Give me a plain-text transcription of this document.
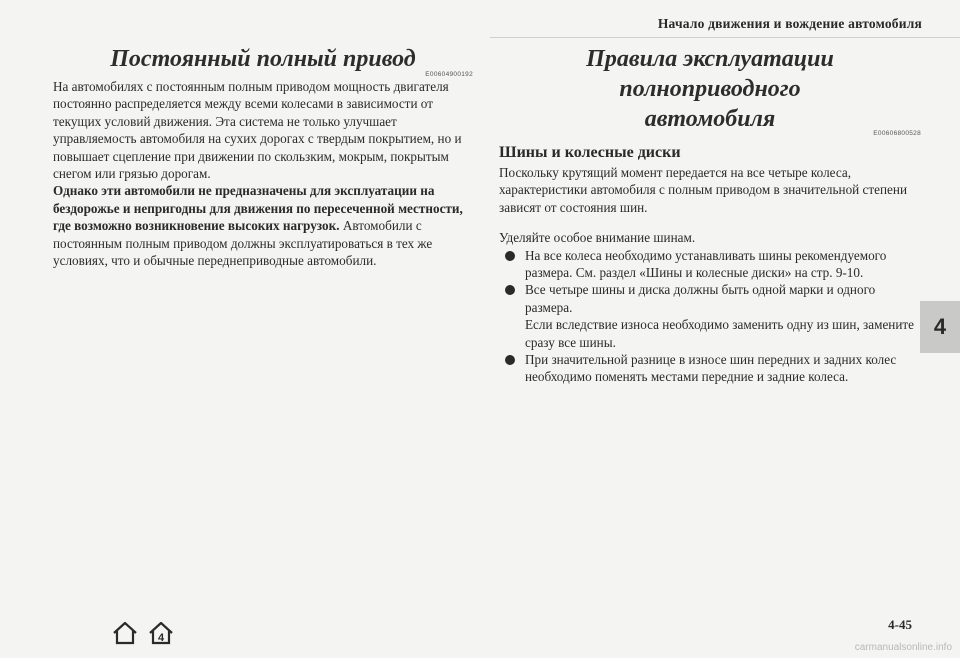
Начало движения и вождение автомобиля
Постоянный полный привод
E00604900192

На автомобилях с постоянным полным приводом мощность двигателя постоянно распределяется между всеми колесами в зависимости от текущих условий движения. Эта система не только улучшает управляемость автомобиля на сухих дорогах с твердым покрытием, но и повышает сцепление при движении по скользким, мокрым, покрытым снегом или грязью дорогам.
Однако эти автомобили не предназначены для эксплуатации на бездорожье и непригодны для движения по пересеченной местности, где возможно возникновение высоких нагрузок. Автомобили с постоянным полным приводом должны эксплуатироваться в тех же условиях, что и обычные переднеприводные автомобили.

Правила эксплуатации полноприводного
автомобиля
E00606800528
Шины и колесные диски

Поскольку крутящий момент передается на все четыре колеса, характеристики автомобиля с полным приводом в значительной степени зависят от состояния шин.

Уделяйте особое внимание шинам.

На все колеса необходимо устанавливать шины рекомендуемого размера. См. раздел «Шины и колесные диски» на стр. 9-10.
Все четыре шины и диска должны быть одной марки и одного размера.
Если вследствие износа необходимо заменить одну из шин, замените сразу все шины.
При значительной разнице в износе шин передних и задних колес необходимо поменять местами передние и задние колеса.
4
4-45
4
carmanualsonline.info
